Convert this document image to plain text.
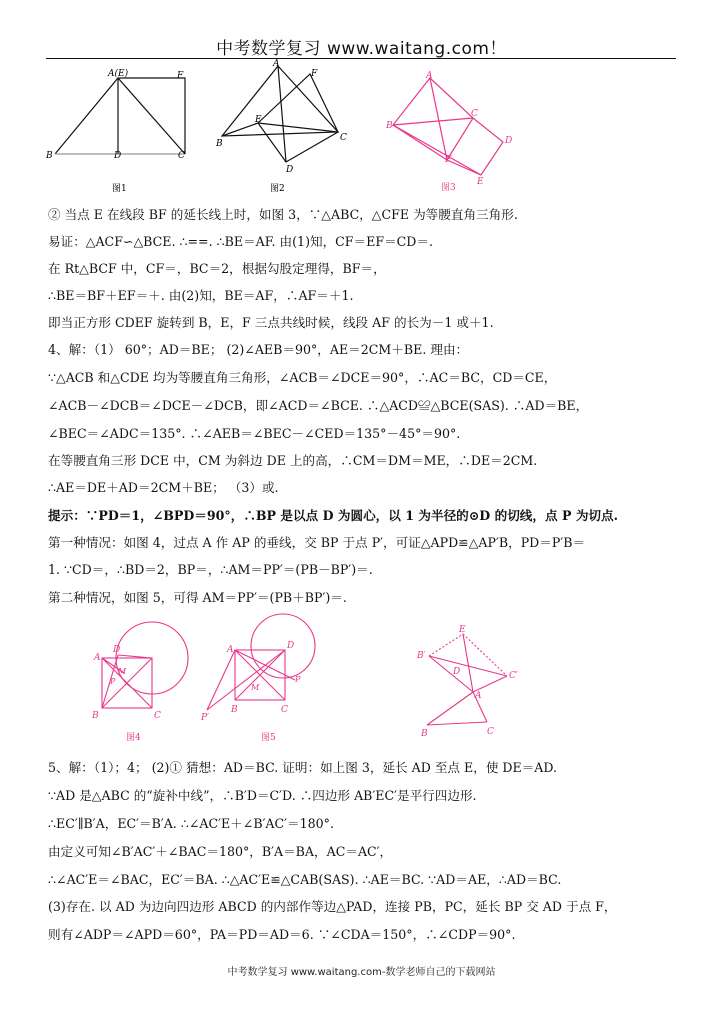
中考数学复习 www.waitang.com！
A(E)	F
B	D	C
图1
A
F
E
B
C
D
图2
A
B
C
F
D
E
图3
② 当点 E 在线段 BF 的延长线上时，如图 3，∵△ABC，△CFE 为等腰直角三角形.
易证：△ACF∽△BCE. ∴==. ∴BE＝AF. 由(1)知，CF＝EF＝CD＝.
在 Rt△BCF 中，CF＝，BC＝2，根据勾股定理得，BF＝，
∴BE＝BF＋EF＝＋. 由(2)知，BE＝AF，∴AF＝＋1.
即当正方形 CDEF 旋转到 B，E，F 三点共线时候，线段 AF 的长为－1 或＋1.
4、解：（1） 60°；AD＝BE； (2)∠AEB＝90°，AE＝2CM＋BE. 理由：
∵△ACB 和△CDE 均为等腰直角三角形，∠ACB＝∠DCE＝90°，∴AC＝BC，CD＝CE，
∠ACB－∠DCB＝∠DCE－∠DCB，即∠ACD＝∠BCE. ∴△ACD≌△BCE(SAS). ∴AD＝BE，
∠BEC＝∠ADC＝135°. ∴∠AEB＝∠BEC－∠CED＝135°－45°＝90°.
在等腰直角三形 DCE 中，CM 为斜边 DE 上的高，∴CM＝DM＝ME，∴DE＝2CM.
∴AE＝DE＋AD＝2CM＋BE； （3）或.
提示：∵PD＝1，∠BPD＝90°，∴BP 是以点 D 为圆心，以 1 为半径的⊙D 的切线，点 P 为切点.
第一种情况：如图 4，过点 A 作 AP 的垂线，交 BP 于点 P′，可证△APD≌△AP′B，PD＝P′B＝
1. ∵CD＝，∴BD＝2，BP＝，∴AM＝PP′＝(PB－BP′)＝.
第二种情况，如图 5，可得 AM＝PP′＝(PB＋BP′)＝.
A
D
M
P
B	C
图4
A	D
M
P
P′
B	C
图5
E
B′
D	C′
A
B	C
5、解：（1）；4； (2)① 猜想：AD＝BC. 证明：如上图 3，延长 AD 至点 E，使 DE＝AD.
∵AD 是△ABC 的“旋补中线”，∴B′D＝C′D. ∴四边形 AB′EC′是平行四边形.
∴EC′∥B′A，EC′＝B′A. ∴∠AC′E＋∠B′AC′＝180°.
由定义可知∠B′AC′＋∠BAC＝180°，B′A＝BA，AC＝AC′，
∴∠AC′E＝∠BAC，EC′＝BA. ∴△AC′E≌△CAB(SAS). ∴AE＝BC. ∵AD＝AE，∴AD＝BC.
(3)存在. 以 AD 为边向四边形 ABCD 的内部作等边△PAD，连接 PB，PC，延长 BP 交 AD 于点 F，
则有∠ADP＝∠APD＝60°，PA＝PD＝AD＝6. ∵∠CDA＝150°，∴∠CDP＝90°.
中考数学复习 www.waitang.com-数学老师自己的下载网站
